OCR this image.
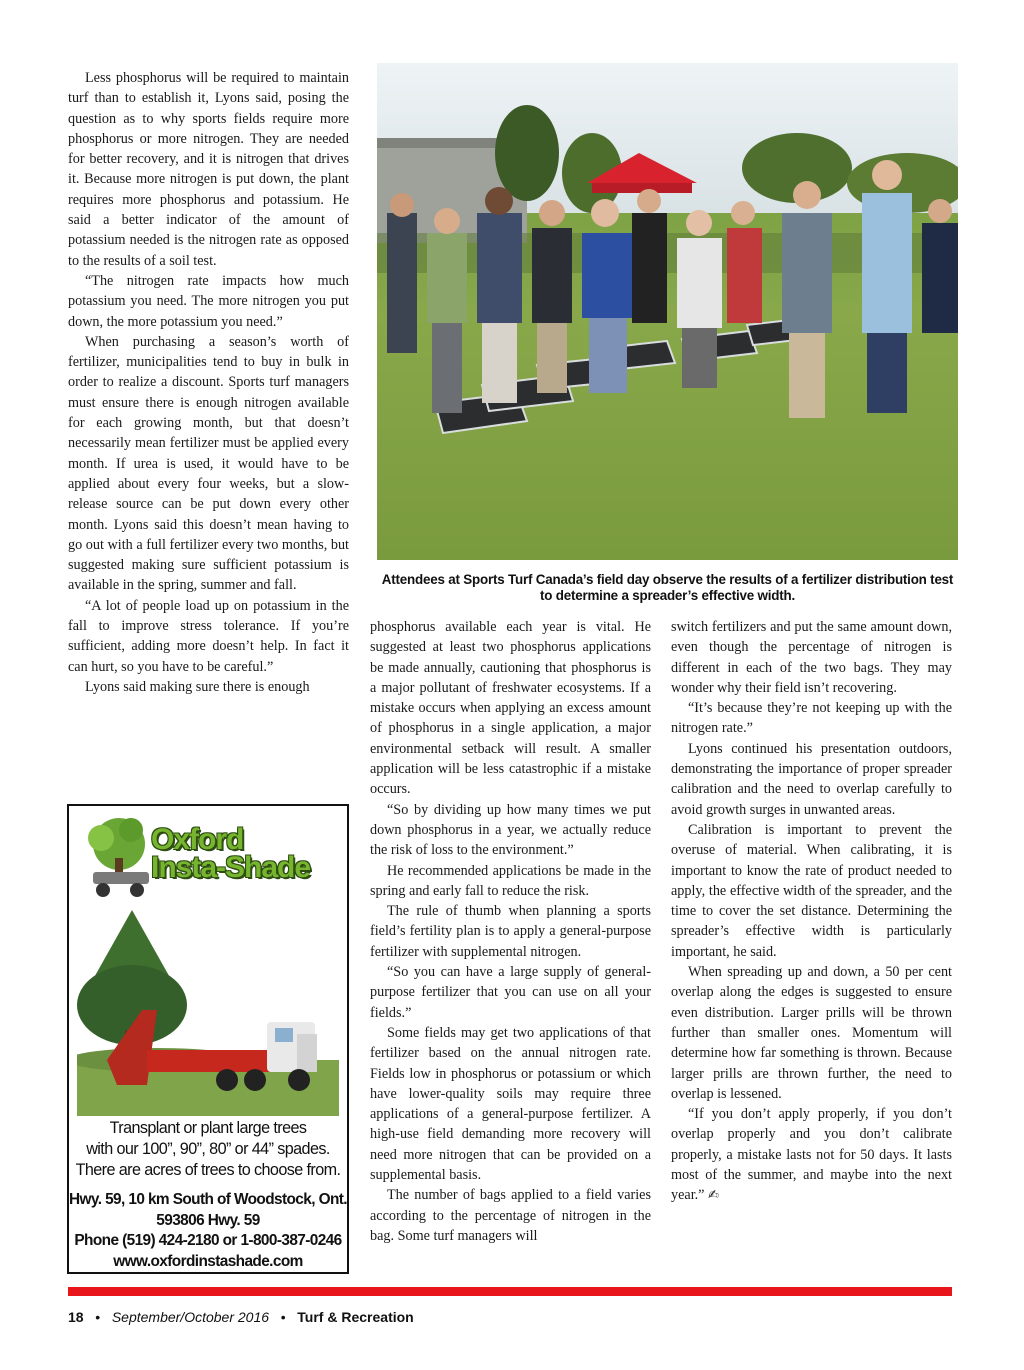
Less phosphorus will be required to maintain turf than to establish it, Lyons said, posing the question as to why sports fields require more phosphorus or more nitrogen. They are needed for better recovery, and it is nitrogen that drives it. Because more nitrogen is put down, the plant requires more phosphorus and potassium. He said a better indicator of the amount of potassium needed is the nitrogen rate as opposed to the results of a soil test.

“The nitrogen rate impacts how much potassium you need. The more nitrogen you put down, the more potassium you need.”

When purchasing a season’s worth of fertilizer, municipalities tend to buy in bulk in order to realize a discount. Sports turf managers must ensure there is enough nitrogen available for each growing month, but that doesn’t necessarily mean fertilizer must be applied every month. If urea is used, it would have to be applied about every four weeks, but a slow-release source can be put down every other month. Lyons said this doesn’t mean having to go out with a full fertilizer every two months, but suggested making sure sufficient potassium is available in the spring, summer and fall.

“A lot of people load up on potassium in the fall to improve stress tolerance. If you’re sufficient, adding more doesn’t help. In fact it can hurt, so you have to be careful.”

Lyons said making sure there is enough

Attendees at Sports Turf Canada’s field day observe the results of a fertilizer distribution test to determine a spreader’s effective width.

phosphorus available each year is vital. He suggested at least two phosphorus applications be made annually, cautioning that phosphorus is a major pollutant of freshwater ecosystems. If a mistake occurs when applying an excess amount of phosphorus in a single application, a major environmental setback will result. A smaller application will be less catastrophic if a mistake occurs.

“So by dividing up how many times we put down phosphorus in a year, we actually reduce the risk of loss to the environment.”

He recommended applications be made in the spring and early fall to reduce the risk.

The rule of thumb when planning a sports field’s fertility plan is to apply a general-purpose fertilizer with supplemental nitrogen.

“So you can have a large supply of general-purpose fertilizer that you can use on all your fields.”

Some fields may get two applications of that fertilizer based on the annual nitrogen rate. Fields low in phosphorus or potassium or which have lower-quality soils may require three applications of a general-purpose fertilizer. A high-use field demanding more recovery will need more nitrogen that can be provided on a supplemental basis.

The number of bags applied to a field varies according to the percentage of nitrogen in the bag. Some turf managers will

switch fertilizers and put the same amount down, even though the percentage of nitrogen is different in each of the two bags. They may wonder why their field isn’t recovering.

“It’s because they’re not keeping up with the nitrogen rate.”

Lyons continued his presentation outdoors, demonstrating the importance of proper spreader calibration and the need to overlap carefully to avoid growth surges in unwanted areas.

Calibration is important to prevent the overuse of material. When calibrating, it is important to know the rate of product needed to apply, the effective width of the spreader, and the time to cover the set distance. Determining the spreader’s effective width is particularly important, he said.

When spreading up and down, a 50 per cent overlap along the edges is suggested to ensure even distribution. Larger prills will be thrown further than smaller ones. Momentum will determine how far something is thrown. Because larger prills are thrown further, the need to overlap is lessened.

“If you don’t apply properly, if you don’t overlap properly and you don’t calibrate properly, a mistake lasts not for 50 days. It lasts most of the summer, and maybe into the next year.” ✍

Oxford
Insta-Shade
Transplant or plant large trees
with our 100”, 90”, 80” or 44” spades.
There are acres of trees to choose from.
Hwy. 59, 10 km South of Woodstock, Ont.
593806 Hwy. 59
Phone (519) 424-2180 or 1-800-387-0246
www.oxfordinstashade.com
18 • September/October 2016 • Turf & Recreation
